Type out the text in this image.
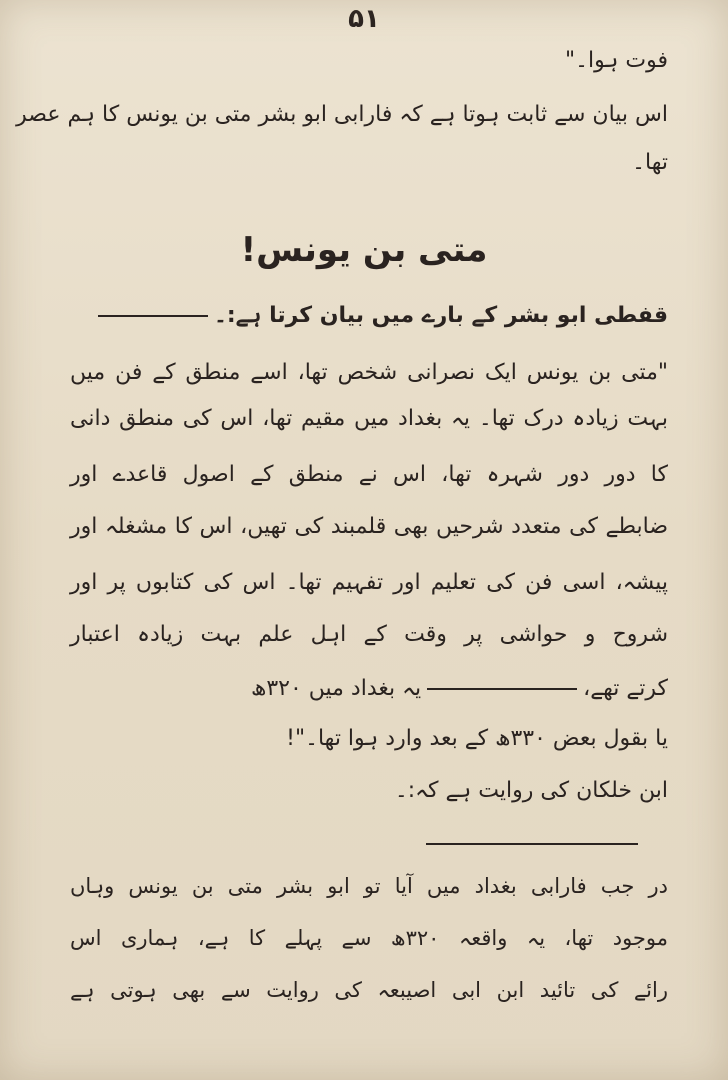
۵۱
فوت ہوا۔"
اس بیان سے ثابت ہوتا ہے کہ فارابی ابو بشر متی بن یونس کا ہم عصر
تھا۔
متی بن یونس!
قفطی ابو بشر کے بارے میں بیان کرتا ہے:۔
"متی بن یونس ایک نصرانی شخص تھا، اسے منطق کے فن میں
بہت زیادہ درک تھا۔ یہ بغداد میں مقیم تھا، اس کی منطق دانی
کا دور دور شہرہ تھا، اس نے منطق کے اصول قاعدے اور
ضابطے کی متعدد شرحیں بھی قلمبند کی تھیں، اس کا مشغلہ اور
پیشہ، اسی فن کی تعلیم اور تفہیم تھا۔ اس کی کتابوں پر اور
شروح و حواشی پر وقت کے اہل علم بہت زیادہ اعتبار
کرتے تھے،یہ بغداد میں ۳۲۰ھ
یا بقول بعض ۳۳۰ھ کے بعد وارد ہوا تھا۔"!
ابن خلکان کی روایت ہے کہ:۔
در جب فارابی بغداد میں آیا تو ابو بشر متی بن یونس وہاں
موجود تھا، یہ واقعہ ۳۲۰ھ سے پہلے کا ہے، ہماری اس
رائے کی تائید ابن ابی اصیبعہ کی روایت سے بھی ہوتی ہے
